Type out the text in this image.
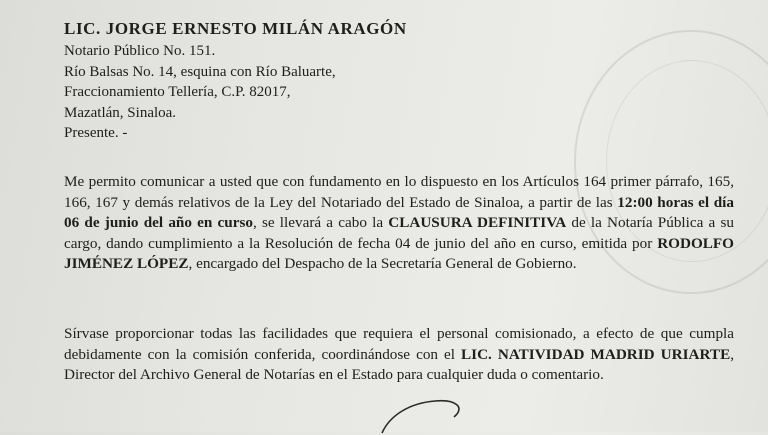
LIC. JORGE ERNESTO MILÁN ARAGÓN
Notario Público No. 151.
Río Balsas No. 14, esquina con Río Baluarte,
Fraccionamiento Tellería, C.P. 82017,
Mazatlán, Sinaloa.
Presente. -
Me permito comunicar a usted que con fundamento en lo dispuesto en los Artículos 164 primer párrafo, 165, 166, 167 y demás relativos de la Ley del Notariado del Estado de Sinaloa, a partir de las 12:00 horas el día 06 de junio del año en curso, se llevará a cabo la CLAUSURA DEFINITIVA de la Notaría Pública a su cargo, dando cumplimiento a la Resolución de fecha 04 de junio del año en curso, emitida por RODOLFO JIMÉNEZ LÓPEZ, encargado del Despacho de la Secretaría General de Gobierno.
Sírvase proporcionar todas las facilidades que requiera el personal comisionado, a efecto de que cumpla debidamente con la comisión conferida, coordinándose con el LIC. NATIVIDAD MADRID URIARTE, Director del Archivo General de Notarías en el Estado para cualquier duda o comentario.
